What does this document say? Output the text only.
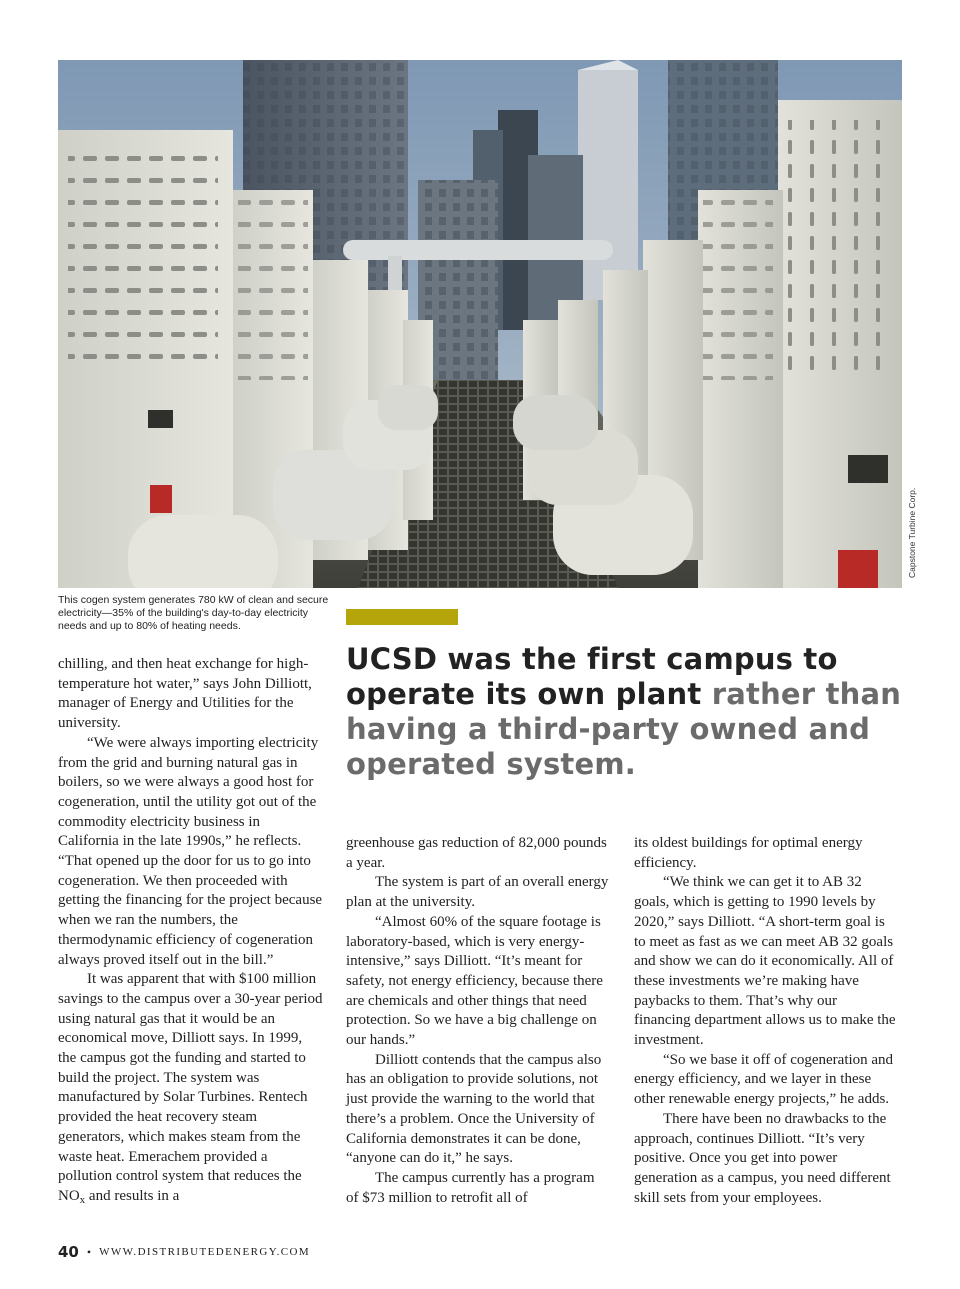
Capstone Turbine Corp.

This cogen system generates 780 kW of clean and secure electricity—35% of the building's day-to-day electricity needs and up to 80% of heating needs.

UCSD was the first campus to operate its own plant rather than having a third-party owned and operated system.

chilling, and then heat exchange for high-temperature hot water,” says John Dilliott, manager of Energy and Utilities for the university.

“We were always importing electricity from the grid and burning natural gas in boilers, so we were always a good host for cogeneration, until the utility got out of the commodity electricity business in California in the late 1990s,” he reflects. “That opened up the door for us to go into cogeneration. We then proceeded with getting the financing for the project because when we ran the numbers, the thermodynamic efficiency of cogeneration always proved itself out in the bill.”

It was apparent that with $100 million savings to the campus over a 30-year period using natural gas that it would be an economical move, Dilliott says. In 1999, the campus got the funding and started to build the project. The system was manufactured by Solar Turbines. Rentech provided the heat recovery steam generators, which makes steam from the waste heat. Emerachem provided a pollution control system that reduces the $NO_x$ and results in a

greenhouse gas reduction of 82,000 pounds a year.

The system is part of an overall energy plan at the university.

“Almost 60% of the square footage is laboratory-based, which is very energy-intensive,” says Dilliott. “It’s meant for safety, not energy efficiency, because there are chemicals and other things that need protection. So we have a big challenge on our hands.”

Dilliott contends that the campus also has an obligation to provide solutions, not just provide the warning to the world that there’s a problem. Once the University of California demonstrates it can be done, “anyone can do it,” he says.

The campus currently has a program of $73 million to retrofit all of

its oldest buildings for optimal energy efficiency.

“We think we can get it to AB 32 goals, which is getting to 1990 levels by 2020,” says Dilliott. “A short-term goal is to meet as fast as we can meet AB 32 goals and show we can do it economically. All of these investments we’re making have paybacks to them. That’s why our financing department allows us to make the investment.

“So we base it off of cogeneration and energy efficiency, and we layer in these other renewable energy projects,” he adds.

There have been no drawbacks to the approach, continues Dilliott. “It’s very positive. Once you get into power generation as a campus, you need different skill sets from your employees.

40 • WWW.DISTRIBUTEDENERGY.COM
